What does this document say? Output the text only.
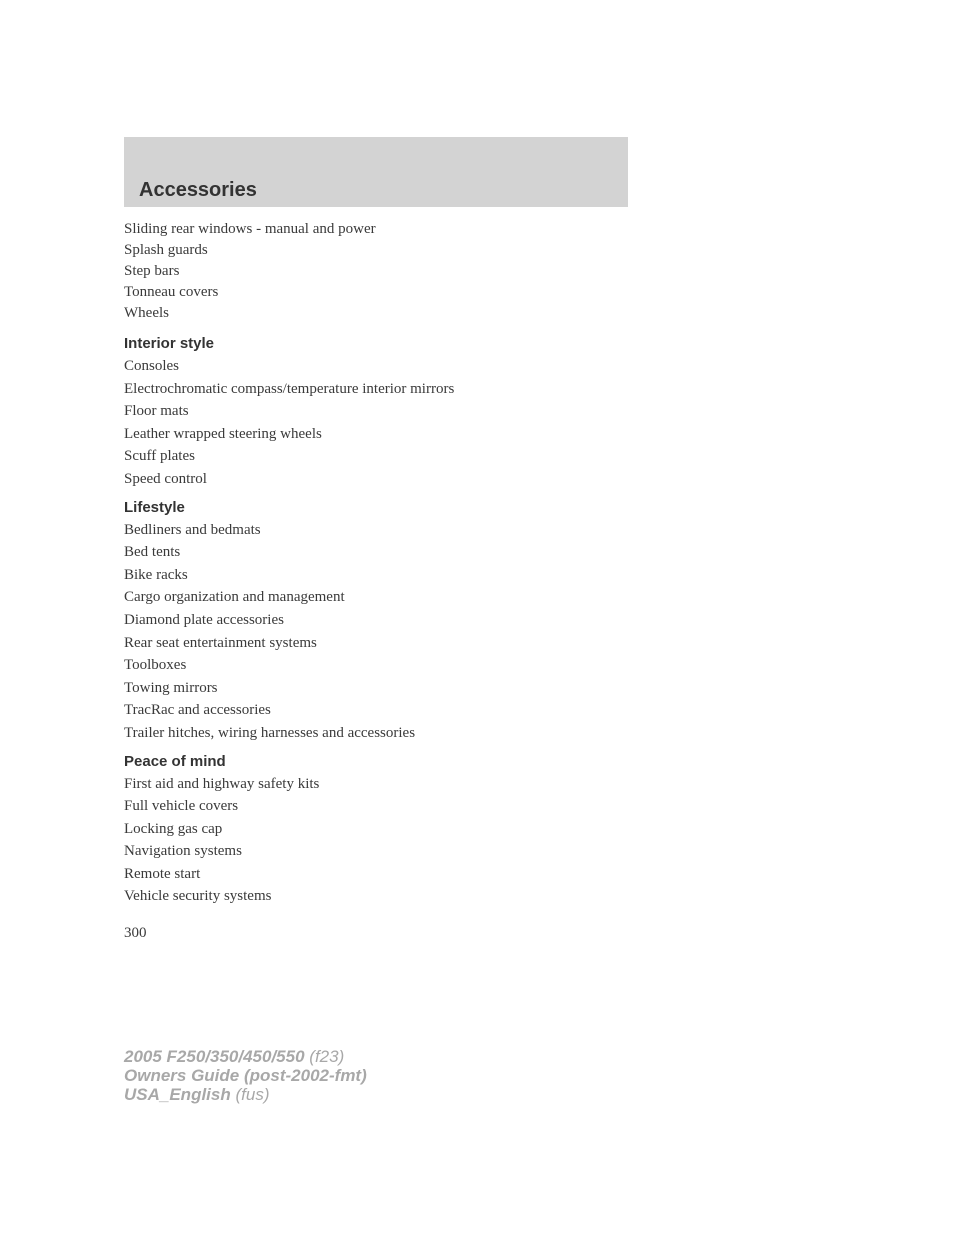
Accessories
Sliding rear windows - manual and power
Splash guards
Step bars
Tonneau covers
Wheels
Interior style
Consoles
Electrochromatic compass/temperature interior mirrors
Floor mats
Leather wrapped steering wheels
Scuff plates
Speed control
Lifestyle
Bedliners and bedmats
Bed tents
Bike racks
Cargo organization and management
Diamond plate accessories
Rear seat entertainment systems
Toolboxes
Towing mirrors
TracRac and accessories
Trailer hitches, wiring harnesses and accessories
Peace of mind
First aid and highway safety kits
Full vehicle covers
Locking gas cap
Navigation systems
Remote start
Vehicle security systems
300
2005 F250/350/450/550 (f23)
Owners Guide (post-2002-fmt)
USA_English (fus)
